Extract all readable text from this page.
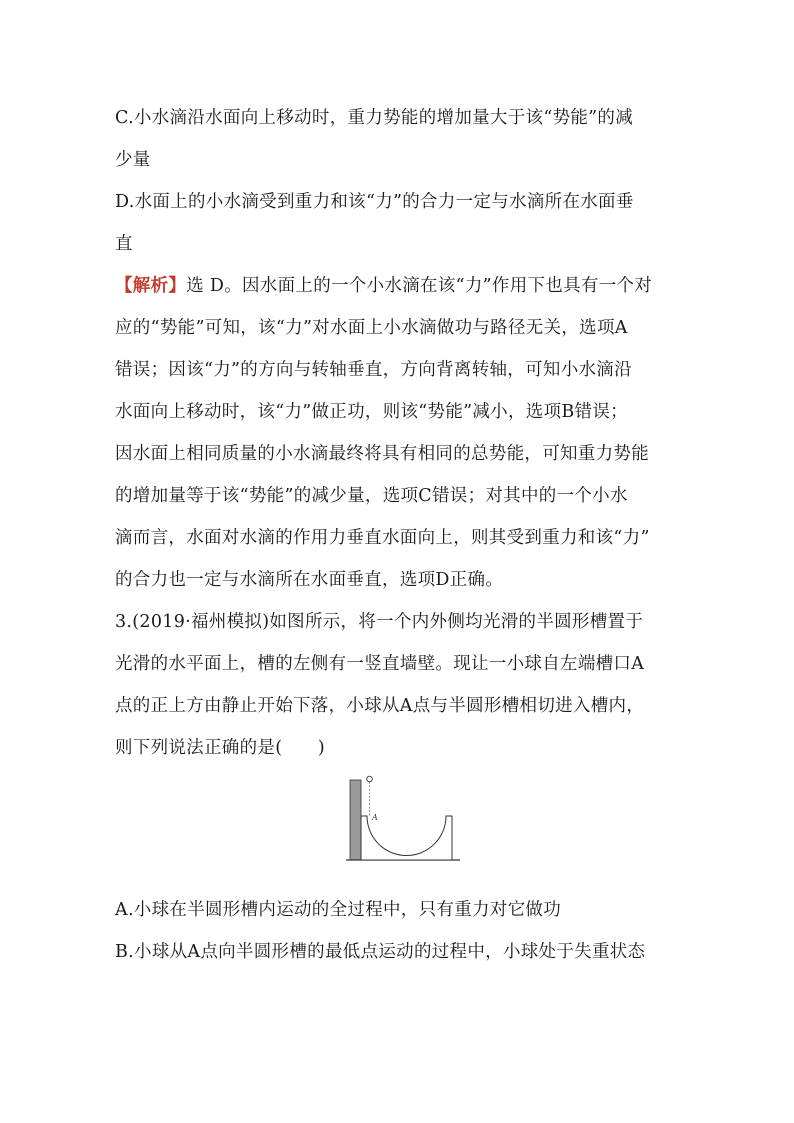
C.小水滴沿水面向上移动时，重力势能的增加量大于该“势能”的减
少量
D.水面上的小水滴受到重力和该“力”的合力一定与水滴所在水面垂
直
【解析】选 D。因水面上的一个小水滴在该“力”作用下也具有一个对
应的“势能”可知，该“力”对水面上小水滴做功与路径无关，选项A
错误；因该“力”的方向与转轴垂直，方向背离转轴，可知小水滴沿
水面向上移动时，该“力”做正功，则该“势能”减小，选项B错误；
因水面上相同质量的小水滴最终将具有相同的总势能，可知重力势能
的增加量等于该“势能”的减少量，选项C错误；对其中的一个小水
滴而言，水面对水滴的作用力垂直水面向上，则其受到重力和该“力”
的合力也一定与水滴所在水面垂直，选项D正确。
3.(2019·福州模拟)如图所示，将一个内外侧均光滑的半圆形槽置于
光滑的水平面上，槽的左侧有一竖直墙壁。现让一小球自左端槽口A
点的正上方由静止开始下落，小球从A点与半圆形槽相切进入槽内，
则下列说法正确的是(　　)
A
A.小球在半圆形槽内运动的全过程中，只有重力对它做功
B.小球从A点向半圆形槽的最低点运动的过程中，小球处于失重状态
